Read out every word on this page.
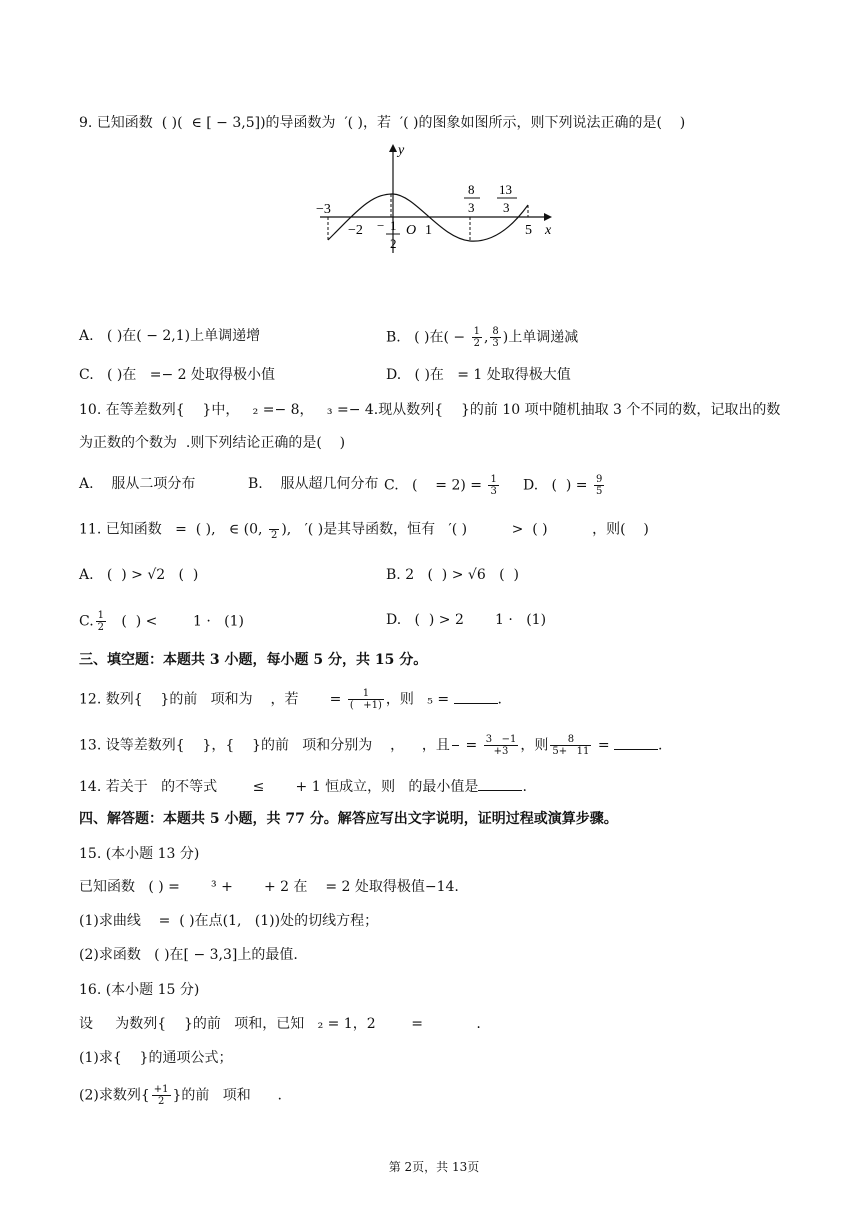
9. 已知函数  ( )(  ∈ [ − 3,5])的导函数为  ′( )，若  ′( )的图象如图所示，则下列说法正确的是(    )
y
x
O
−3
−2	1	5
− 1
2
8
3
13
3
A.   ( )在( − 2,1)上单调递增	B.   ( )在( − $\frac{1}{2}$ , $\frac{8}{3}$ )上单调递减
C.   ( )在   =− 2 处取得极小值	D.   ( )在   = 1 处取得极大值
10. 在等差数列{    }中，   ₂ =− 8，   ₃ =− 4.现从数列{    }的前 10 项中随机抽取 3 个不同的数，记取出的数
为正数的个数为  .则下列结论正确的是(    )
A.    服从二项分布	B.    服从超几何分布 C.   (    = $2) = \frac{1}{3} D$.   (  ) = $\frac{9}{5}$
11. 已知函数   =  ( ),   ∈ (0,
2 ),   ′( )是其导函数，恒有   ′( )          >  ( )          ，则(    )
A.   (  ) > √2   (  )	B. 2   (  ) > √6   (  )
C. $\frac{1}{2}$ (  ) <        1 ·   (1)	D.   (  ) > 2       1 ·   (1)
三、填空题：本题共 3 小题，每小题 5 分，共 15 分。
12. 数列{    }的前   项和为    ，若       = $\frac{1}{( +1)}$ ，则   ₅ =	.
13. 设等差数列{    }，{    }的前   项和分别为    ，    ，且

= $\frac{3 -1}{+3}$ ，则 $\frac{8}{5+ 11}$ =	.
14. 若关于   的不等式        ≤       + 1 恒成立，则   的最小值是	.
四、解答题：本题共 5 小题，共 77 分。解答应写出文字说明，证明过程或演算步骤。
15. (本小题 13 分)
已知函数   ( ) =       ³ +       + 2 在    = 2 处取得极值−14.
(1)求曲线    =  ( )在点(1,   (1))处的切线方程；
(2)求函数   ( )在[ − 3,3]上的最值.
16. (本小题 15 分)
设     为数列{    }的前   项和，已知   ₂ = 1，2        =            .
(1)求{    }的通项公式；
(2)求数列{ $\frac{+1}{2}$ }的前   项和      .
第 2页，共 13页
